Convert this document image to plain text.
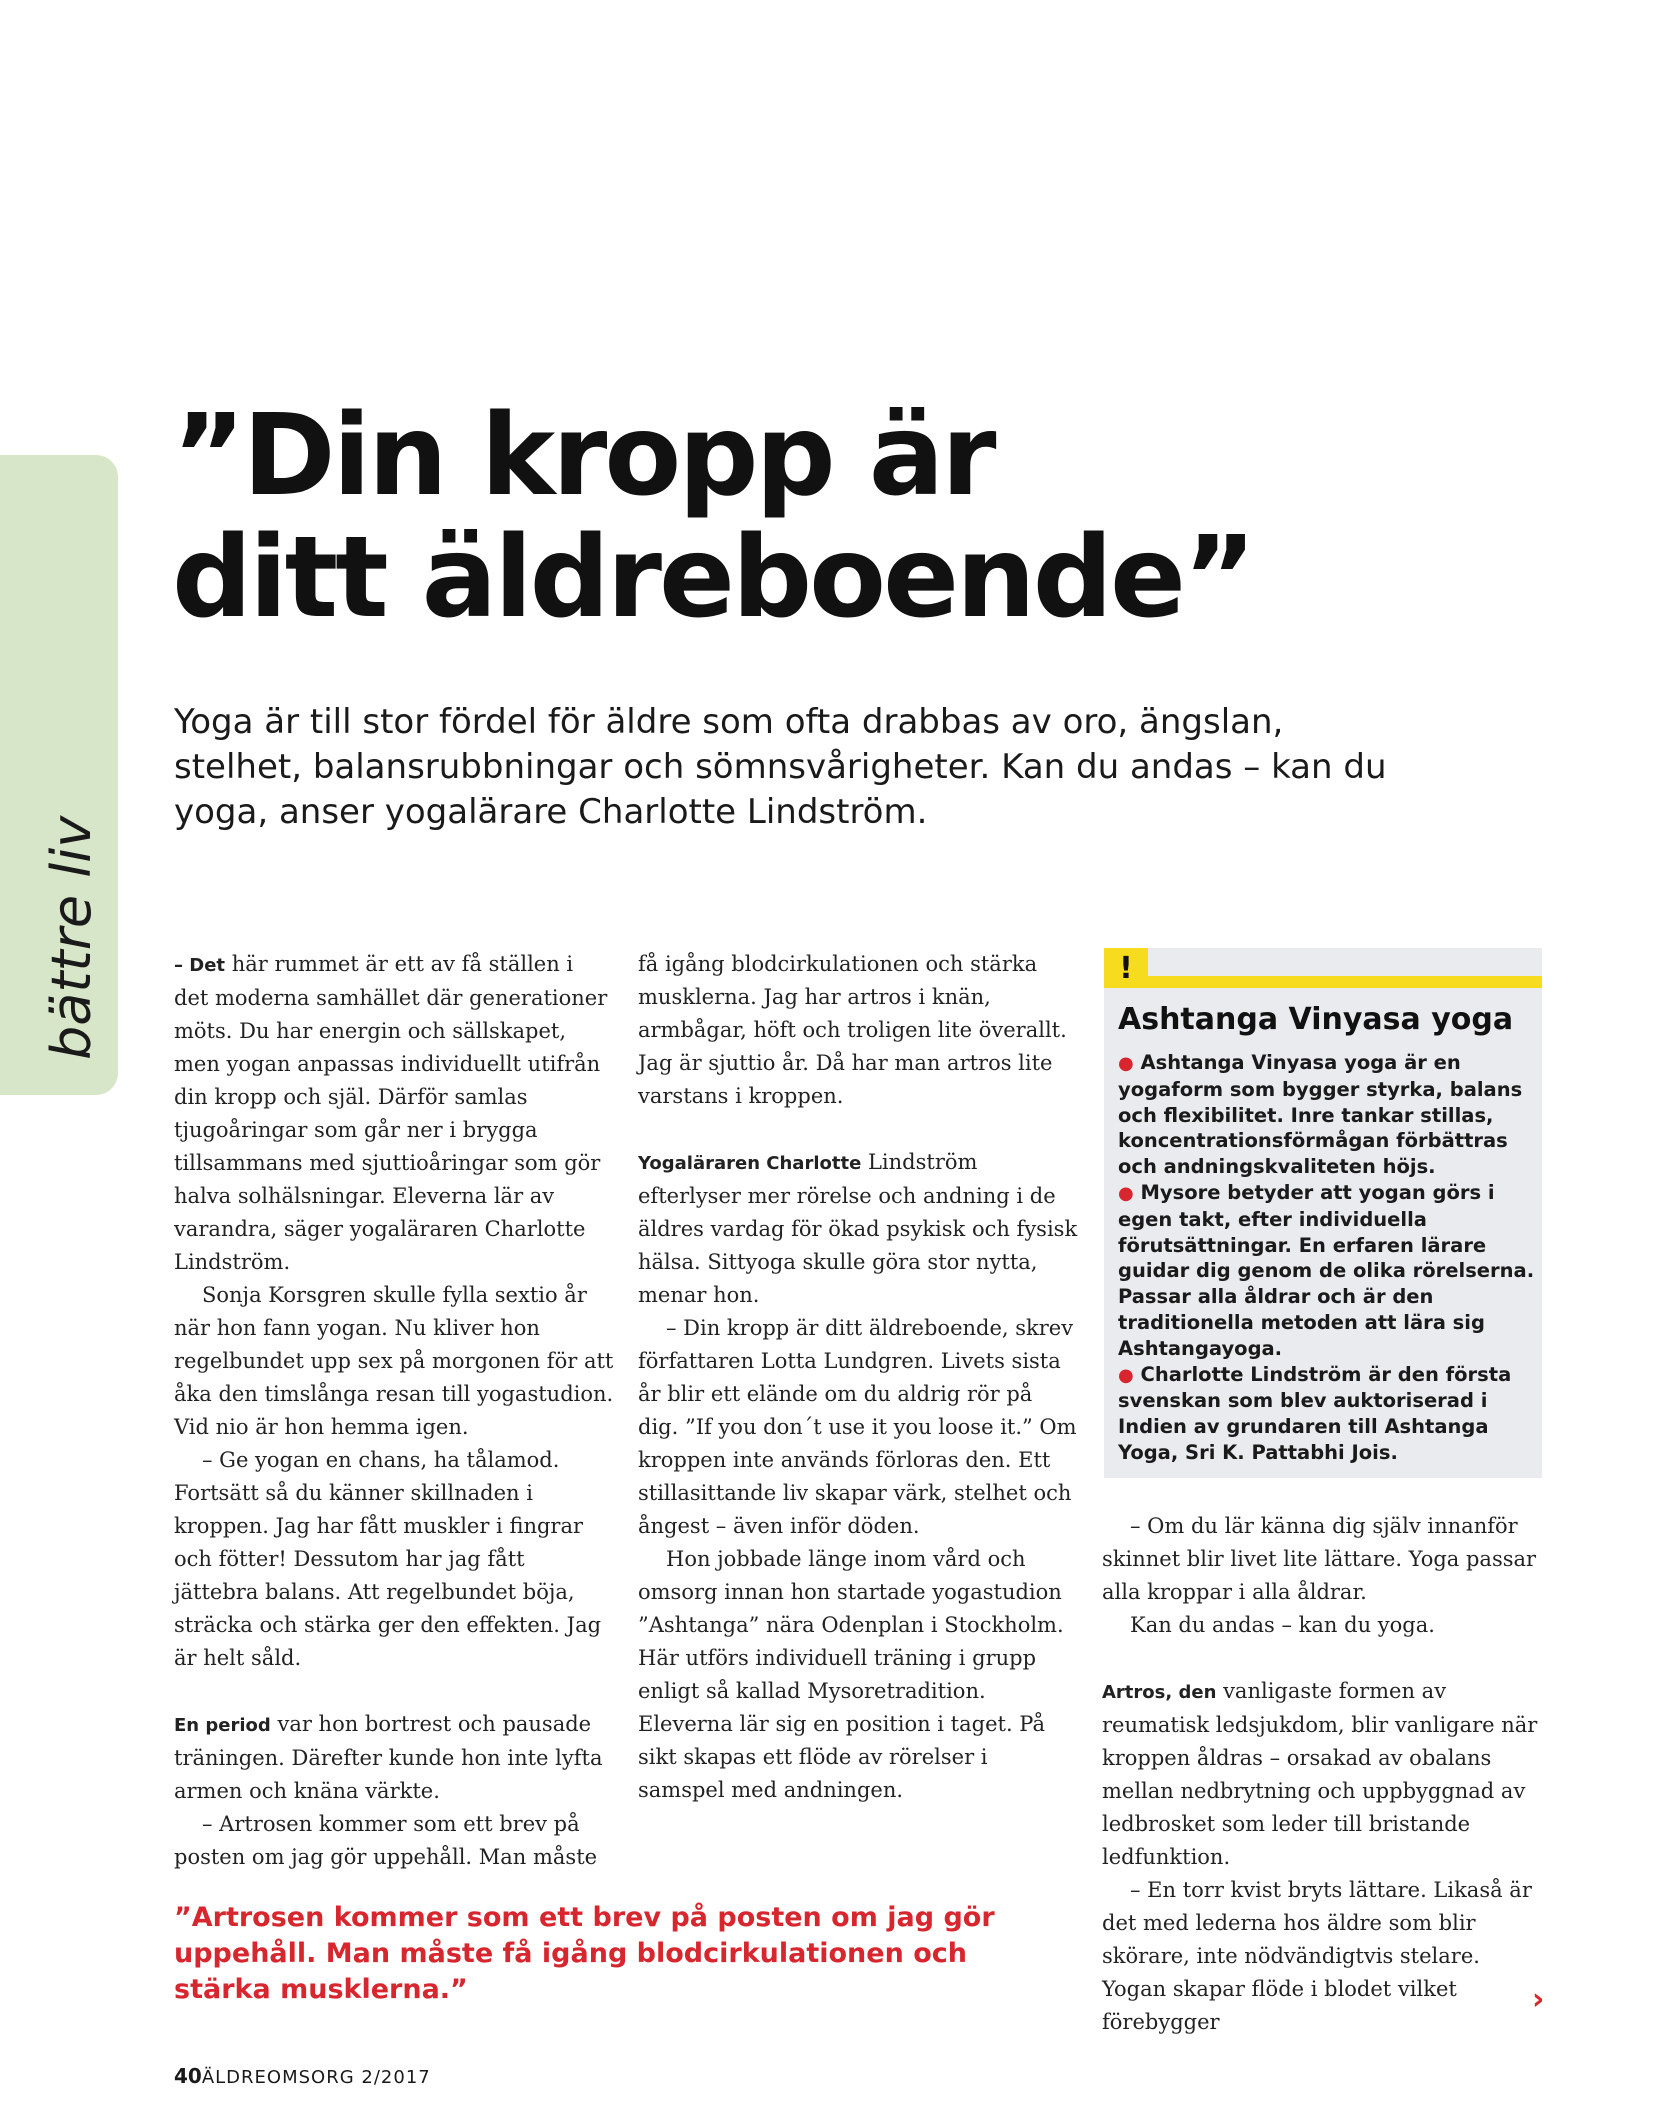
bättre liv
”Din kropp är
ditt äldreboende”

Yoga är till stor fördel för äldre som ofta drabbas av oro, ängslan, stelhet, balansrubbningar och sömnsvårigheter. Kan du andas – kan du yoga, anser yogalärare Charlotte Lindström.

– Det här rummet är ett av få ställen i det moderna samhället där generationer möts. Du har energin och sällskapet, men yogan anpassas individuellt utifrån din kropp och själ. Därför samlas tjugoåringar som går ner i brygga tillsammans med sjuttioåringar som gör halva solhälsningar. Eleverna lär av varandra, säger yogaläraren Charlotte Lindström.

Sonja Korsgren skulle fylla sextio år när hon fann yogan. Nu kliver hon regelbundet upp sex på morgonen för att åka den timslånga resan till yogastudion. Vid nio är hon hemma igen.

– Ge yogan en chans, ha tålamod. Fortsätt så du känner skillnaden i kroppen. Jag har fått muskler i fingrar och fötter! Dessutom har jag fått jättebra balans. Att regelbundet böja, sträcka och stärka ger den effekten. Jag är helt såld.

En period var hon bortrest och pausade träningen. Därefter kunde hon inte lyfta armen och knäna värkte.

– Artrosen kommer som ett brev på posten om jag gör uppehåll. Man måste

få igång blodcirkulationen och stärka musklerna. Jag har artros i knän, armbågar, höft och troligen lite överallt. Jag är sjuttio år. Då har man artros lite varstans i kroppen.

Yogaläraren Charlotte Lindström efterlyser mer rörelse och andning i de äldres vardag för ökad psykisk och fysisk hälsa. Sittyoga skulle göra stor nytta, menar hon.

– Din kropp är ditt äldreboende, skrev författaren Lotta Lundgren. Livets sista år blir ett elände om du aldrig rör på dig. ”If you don´t use it you loose it.” Om kroppen inte används förloras den. Ett stillasittande liv skapar värk, stelhet och ångest – även inför döden.

Hon jobbade länge inom vård och omsorg innan hon startade yogastudion ”Ashtanga” nära Odenplan i Stockholm. Här utförs individuell träning i grupp enligt så kallad Mysoretradition. Eleverna lär sig en position i taget. På sikt skapas ett flöde av rörelser i samspel med andningen.

!
Ashtanga Vinyasa yoga

● Ashtanga Vinyasa yoga är en yogaform som bygger styrka, balans och flexibilitet. Inre tankar stillas, koncentrationsförmågan förbättras och andningskvaliteten höjs.

● Mysore betyder att yogan görs i egen takt, efter individuella förutsättningar. En erfaren lärare guidar dig genom de olika rörelserna. Passar alla åldrar och är den traditionella metoden att lära sig Ashtangayoga.

● Charlotte Lindström är den första svenskan som blev auktoriserad i Indien av grundaren till Ashtanga Yoga, Sri K. Pattabhi Jois.

– Om du lär känna dig själv innanför skinnet blir livet lite lättare. Yoga passar alla kroppar i alla åldrar.

Kan du andas – kan du yoga.

Artros, den vanligaste formen av reumatisk ledsjukdom, blir vanligare när kroppen åldras – orsakad av obalans mellan nedbrytning och uppbyggnad av ledbrosket som leder till bristande ledfunktion.

– En torr kvist bryts lättare. Likaså är det med lederna hos äldre som blir skörare, inte nödvändigtvis stelare. Yogan skapar flöde i blodet vilket förebygger

”Artrosen kommer som ett brev på posten om jag gör uppehåll. Man måste få igång blodcirkulationen och stärka musklerna.”	›
40ÄLDREOMSORG 2/2017
